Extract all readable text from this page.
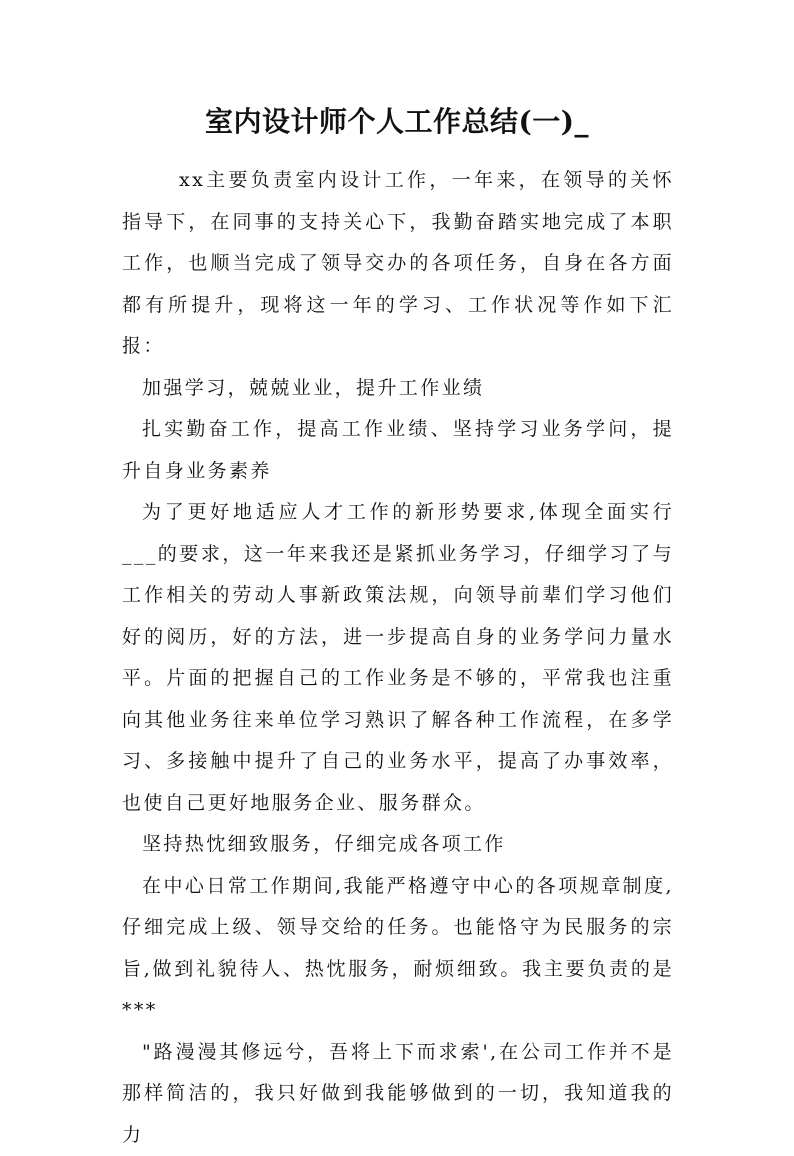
室内设计师个人工作总结(一)_

xx主要负责室内设计工作，一年来，在领导的关怀指导下，在同事的支持关心下，我勤奋踏实地完成了本职工作，也顺当完成了领导交办的各项任务，自身在各方面都有所提升，现将这一年的学习、工作状况等作如下汇报：

加强学习，兢兢业业，提升工作业绩

扎实勤奋工作，提高工作业绩、坚持学习业务学问，提升自身业务素养

为了更好地适应人才工作的新形势要求,体现全面实行___的要求，这一年来我还是紧抓业务学习，仔细学习了与工作相关的劳动人事新政策法规，向领导前辈们学习他们好的阅历，好的方法，进一步提高自身的业务学问力量水平。片面的把握自己的工作业务是不够的，平常我也注重向其他业务往来单位学习熟识了解各种工作流程，在多学习、多接触中提升了自己的业务水平，提高了办事效率，也使自己更好地服务企业、服务群众。

坚持热忱细致服务，仔细完成各项工作

在中心日常工作期间,我能严格遵守中心的各项规章制度,仔细完成上级、领导交给的任务。也能恪守为民服务的宗旨,做到礼貌待人、热忱服务，耐烦细致。我主要负责的是***

"路漫漫其修远兮，吾将上下而求索',在公司工作并不是那样简洁的，我只好做到我能够做到的一切，我知道我的力
